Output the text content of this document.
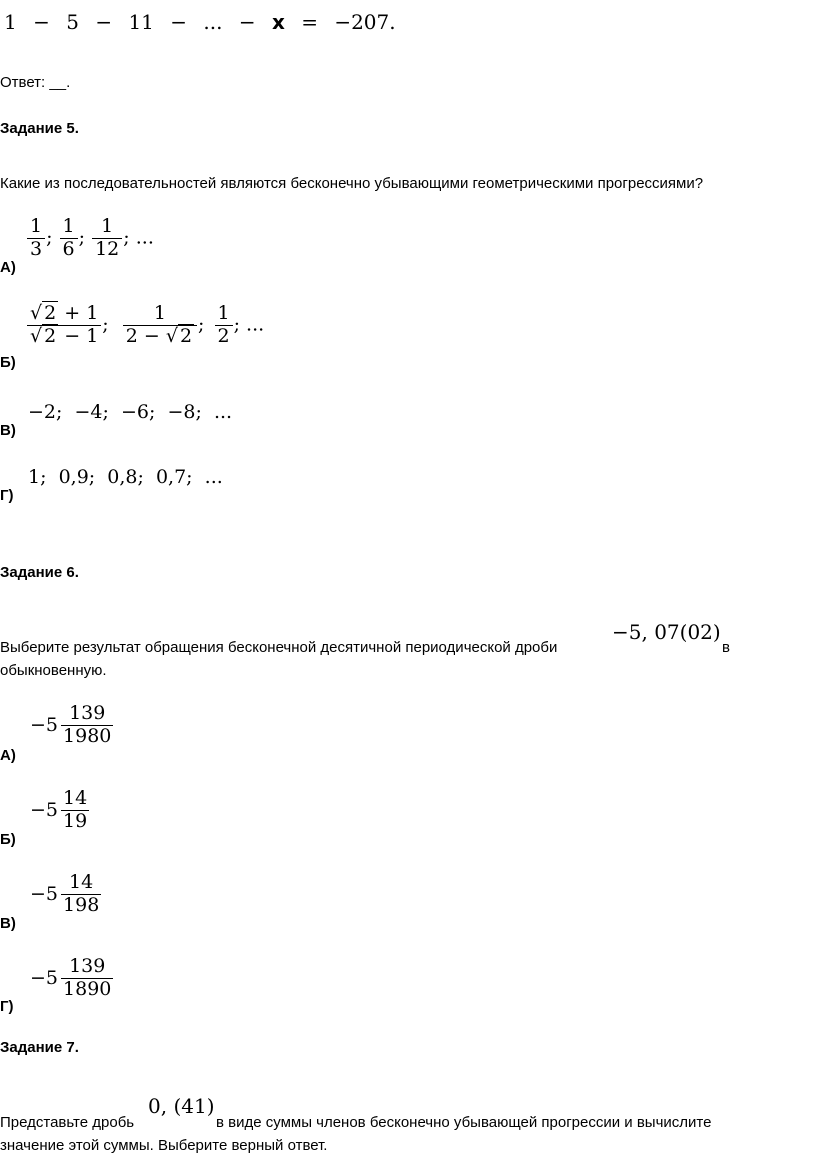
1 − 5 − 11 − ... − x = −207.
Ответ: __.
Задание 5.
Какие из последовательностей являются бесконечно убывающими геометрическими прогрессиями?
А)
$\frac{1}{3}$ ; $\frac{1}{6}$ ; $\frac{1}{12}$ ; ...
Б)
$\frac{√ 2 + 1}{√ 2 - 1}$ ; $\frac{1}{2 - √ 2}$ ; $\frac{1}{2}$ ; ...
В)
−2;  −4;  −6;  −8;  ...
Г)
1;  0,9;  0,8;  0,7;  ...
Задание 6.
−5, 07(02)
Выберите результат обращения бесконечной десятичной периодической дроби	в
обыкновенную.
А)
$-5 \frac{139}{1980}$
Б)
$-5 \frac{14}{19}$
В)
$-5 \frac{14}{198}$
Г)
$-5 \frac{139}{1890}$
Задание 7.
0, (41)
Представьте дробь	в виде суммы членов бесконечно убывающей прогрессии и вычислите
значение этой суммы. Выберите верный ответ.
